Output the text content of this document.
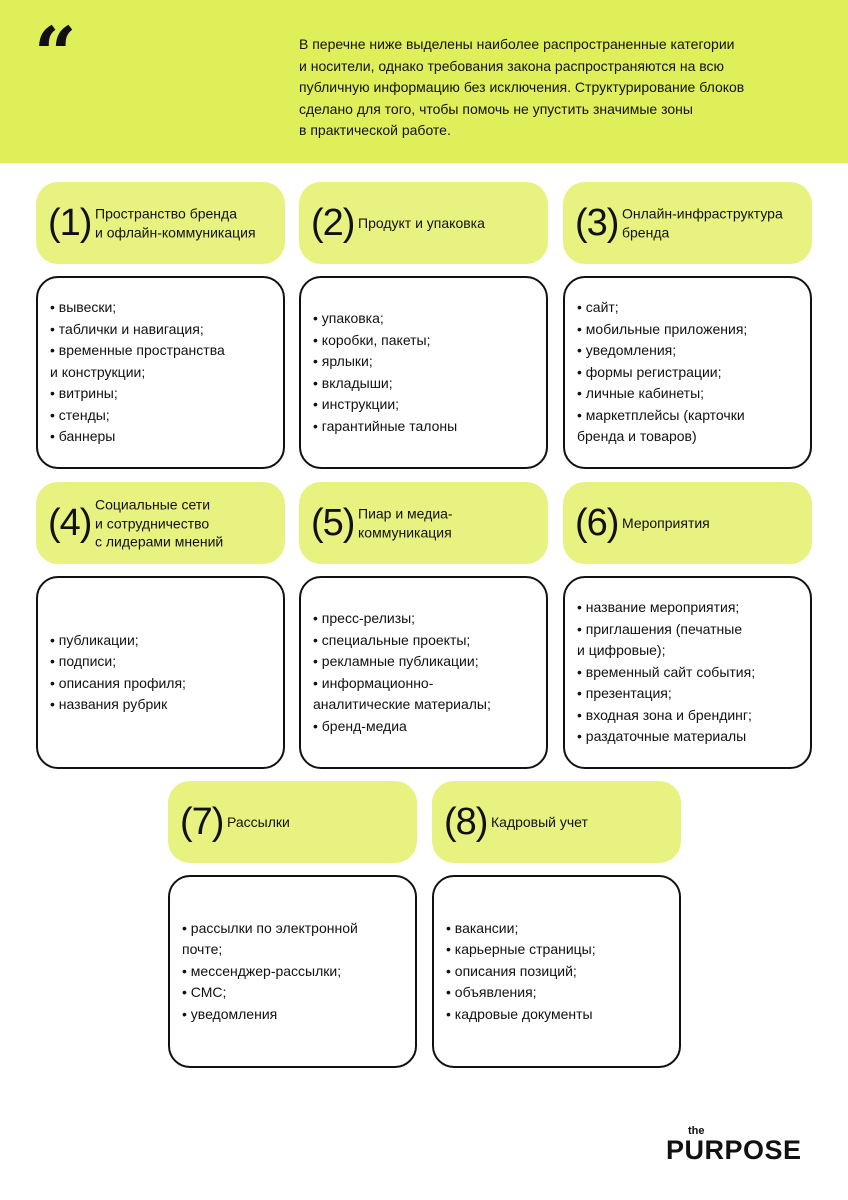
“	В перечне ниже выделены наиболее распространенные категории
и носители, однако требования закона распространяются на всю
публичную информацию без исключения. Структурирование блоков
сделано для того, чтобы помочь не упустить значимые зоны
в практической работе.
(1) Пространство бренда
и офлайн-коммуникация
• вывески;
• таблички и навигация;
• временные пространства
и конструкции;
• витрины;
• стенды;
• баннеры
(2) Продукт и упаковка
• упаковка;
• коробки, пакеты;
• ярлыки;
• вкладыши;
• инструкции;
• гарантийные талоны
(3) Онлайн-инфраструктура
бренда
• сайт;
• мобильные приложения;
• уведомления;
• формы регистрации;
• личные кабинеты;
• маркетплейсы (карточки
бренда и товаров)
(4) Социальные сети
и сотрудничество
с лидерами мнений
• публикации;
• подписи;
• описания профиля;
• названия рубрик
(5) Пиар и медиа-
коммуникация
• пресс-релизы;
• специальные проекты;
• рекламные публикации;
• информационно-
аналитические материалы;
• бренд-медиа
(6) Мероприятия
• название мероприятия;
• приглашения (печатные
и цифровые);
• временный сайт события;
• презентация;
• входная зона и брендинг;
• раздаточные материалы
(7) Рассылки
• рассылки по электронной
почте;
• мессенджер-рассылки;
• СМС;
• уведомления
(8) Кадровый учет
• вакансии;
• карьерные страницы;
• описания позиций;
• объявления;
• кадровые документы
the
PURPOSE
